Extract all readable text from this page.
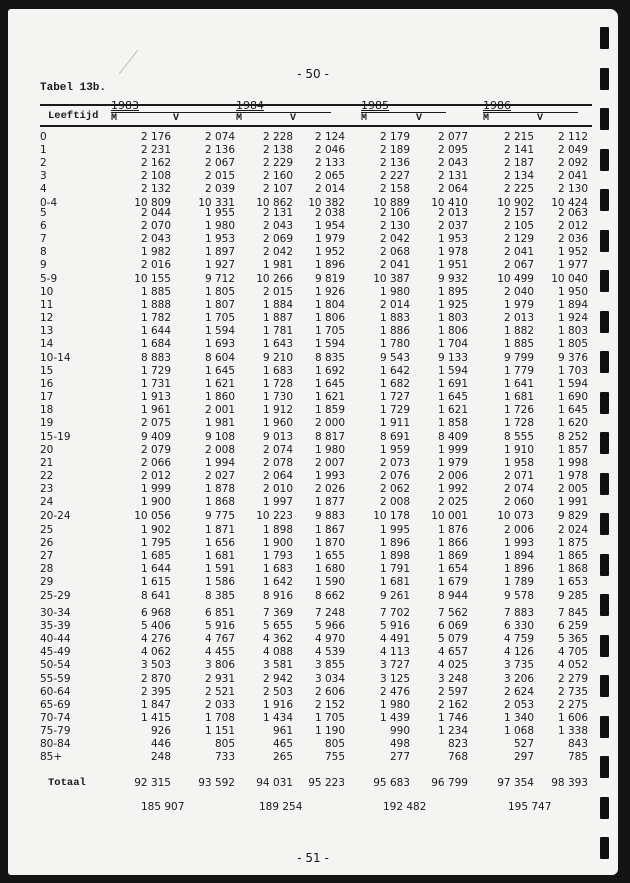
- 50 -
Tabel 13b.
Leeftijd
1983
M	V
1984
M	V
1985
M	V
1986
M	V
0	2 176	2 074	2 228	2 124	2 179	2 077	2 215	2 112
1	2 231	2 136	2 138	2 046	2 189	2 095	2 141	2 049
2	2 162	2 067	2 229	2 133	2 136	2 043	2 187	2 092
3	2 108	2 015	2 160	2 065	2 227	2 131	2 134	2 041
4	2 132	2 039	2 107	2 014	2 158	2 064	2 225	2 130
0-4	10 809	10 331	10 862	10 382	10 889	10 410	10 902	10 424
5	2 044	1 955	2 131	2 038	2 106	2 013	2 157	2 063
6	2 070	1 980	2 043	1 954	2 130	2 037	2 105	2 012
7	2 043	1 953	2 069	1 979	2 042	1 953	2 129	2 036
8	1 982	1 897	2 042	1 952	2 068	1 978	2 041	1 952
9	2 016	1 927	1 981	1 896	2 041	1 951	2 067	1 977
5-9	10 155	9 712	10 266	9 819	10 387	9 932	10 499	10 040
10	1 885	1 805	2 015	1 926	1 980	1 895	2 040	1 950
11	1 888	1 807	1 884	1 804	2 014	1 925	1 979	1 894
12	1 782	1 705	1 887	1 806	1 883	1 803	2 013	1 924
13	1 644	1 594	1 781	1 705	1 886	1 806	1 882	1 803
14	1 684	1 693	1 643	1 594	1 780	1 704	1 885	1 805
10-14	8 883	8 604	9 210	8 835	9 543	9 133	9 799	9 376
15	1 729	1 645	1 683	1 692	1 642	1 594	1 779	1 703
16	1 731	1 621	1 728	1 645	1 682	1 691	1 641	1 594
17	1 913	1 860	1 730	1 621	1 727	1 645	1 681	1 690
18	1 961	2 001	1 912	1 859	1 729	1 621	1 726	1 645
19	2 075	1 981	1 960	2 000	1 911	1 858	1 728	1 620
15-19	9 409	9 108	9 013	8 817	8 691	8 409	8 555	8 252
20	2 079	2 008	2 074	1 980	1 959	1 999	1 910	1 857
21	2 066	1 994	2 078	2 007	2 073	1 979	1 958	1 998
22	2 012	2 027	2 064	1 993	2 076	2 006	2 071	1 978
23	1 999	1 878	2 010	2 026	2 062	1 992	2 074	2 005
24	1 900	1 868	1 997	1 877	2 008	2 025	2 060	1 991
20-24	10 056	9 775	10 223	9 883	10 178	10 001	10 073	9 829
25	1 902	1 871	1 898	1 867	1 995	1 876	2 006	2 024
26	1 795	1 656	1 900	1 870	1 896	1 866	1 993	1 875
27	1 685	1 681	1 793	1 655	1 898	1 869	1 894	1 865
28	1 644	1 591	1 683	1 680	1 791	1 654	1 896	1 868
29	1 615	1 586	1 642	1 590	1 681	1 679	1 789	1 653
25-29	8 641	8 385	8 916	8 662	9 261	8 944	9 578	9 285
30-34	6 968	6 851	7 369	7 248	7 702	7 562	7 883	7 845
35-39	5 406	5 916	5 655	5 966	5 916	6 069	6 330	6 259
40-44	4 276	4 767	4 362	4 970	4 491	5 079	4 759	5 365
45-49	4 062	4 455	4 088	4 539	4 113	4 657	4 126	4 705
50-54	3 503	3 806	3 581	3 855	3 727	4 025	3 735	4 052
55-59	2 870	2 931	2 942	3 034	3 125	3 248	3 206	2 279
60-64	2 395	2 521	2 503	2 606	2 476	2 597	2 624	2 735
65-69	1 847	2 033	1 916	2 152	1 980	2 162	2 053	2 275
70-74	1 415	1 708	1 434	1 705	1 439	1 746	1 340	1 606
75-79	926	1 151	961	1 190	990	1 234	1 068	1 338
80-84	446	805	465	805	498	823	527	843
85+	248	733	265	755	277	768	297	785
Totaal	92 315	93 592	94 031	95 223	95 683	96 799	97 354	98 393
185 907	189 254	192 482	195 747
- 51 -
